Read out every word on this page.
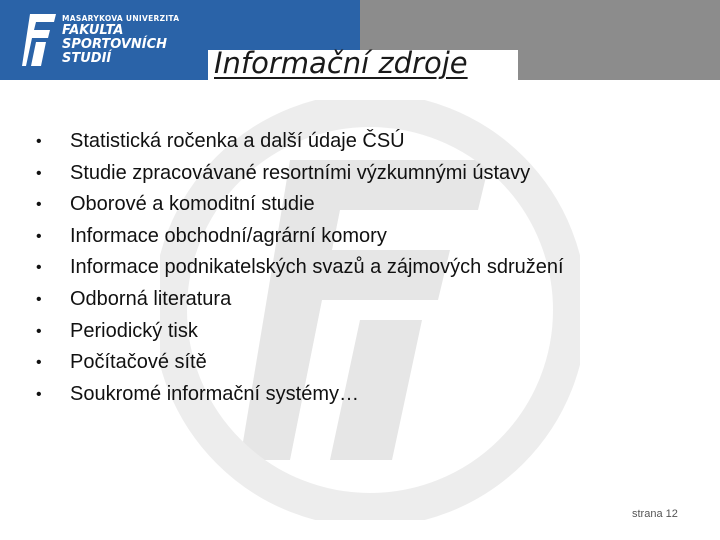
MASARYKOVA UNIVERZITA
FAKULTA
SPORTOVNÍCH
STUDIÍ	Informační zdroje
• Statistická ročenka a další údaje ČSÚ
• Studie zpracovávané resortními výzkumnými ústavy
• Oborové a komoditní studie
• Informace obchodní/agrární komory
• Informace podnikatelských svazů a zájmových sdružení
• Odborná literatura
• Periodický tisk
• Počítačové sítě
• Soukromé informační systémy…
strana 12
